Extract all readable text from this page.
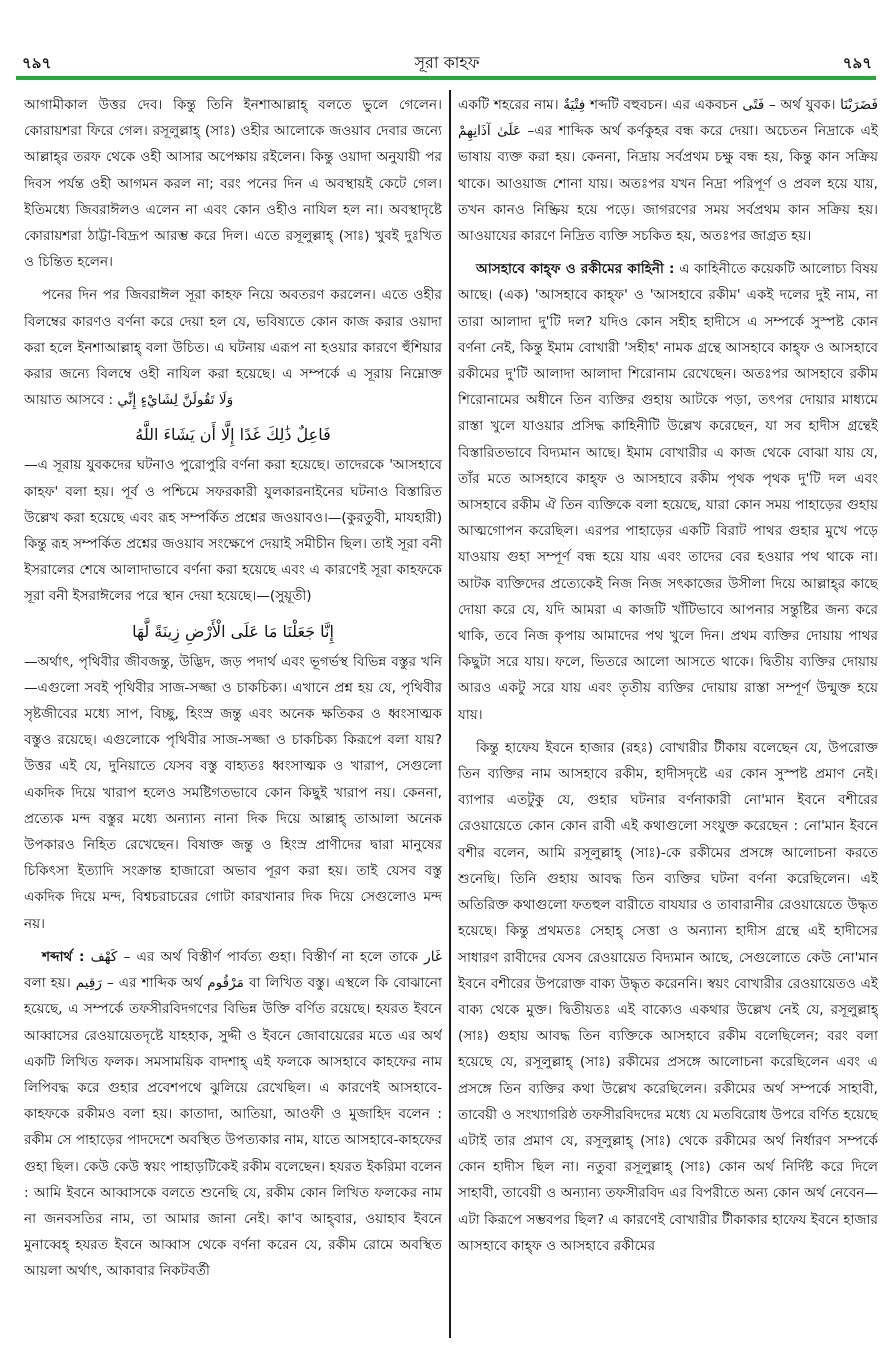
৭৯৭	সূরা কাহফ	৭৯৭

আগামীকাল উত্তর দেব। কিন্তু তিনি ইনশাআল্লাহ্ বলতে ভুলে গেলেন। কোরায়শরা ফিরে গেল। রসূলুল্লাহ্ (সাঃ) ওহীর আলোকে জওয়াব দেবার জন্যে আল্লাহ্‌র তরফ থেকে ওহী আসার অপেক্ষায় রইলেন। কিন্তু ওয়াদা অনুযায়ী পর দিবস পর্যন্ত ওহী আগমন করল না; বরং পনের দিন এ অবস্থায়ই কেটে গেল। ইতিমধ্যে জিবরাঈলও এলেন না এবং কোন ওহীও নাযিল হল না। অবস্থাদৃষ্টে কোরায়শরা ঠাট্টা-বিদ্রূপ আরম্ভ করে দিল। এতে রসূলুল্লাহ্ (সাঃ) খুবই দুঃখিত ও চিন্তিত হলেন।

পনের দিন পর জিবরাঈল সূরা কাহফ নিয়ে অবতরণ করলেন। এতে ওহীর বিলম্বের কারণও বর্ণনা করে দেয়া হল যে, ভবিষ্যতে কোন কাজ করার ওয়াদা করা হলে ইনশাআল্লাহ্ বলা উচিত। এ ঘটনায় এরূপ না হওয়ার কারণে হুঁশিয়ার করার জন্যে বিলম্বে ওহী নাযিল করা হয়েছে। এ সম্পর্কে এ সূরায় নিম্নোক্ত আয়াত আসবে : وَلَا تَقُولَنَّ لِشَايْءٍ إِنِّي

فَاعِلٌ ذَٰلِكَ غَدًا إِلَّا أَن يَشَاءَ اللَّهُ

—এ সূরায় যুবকদের ঘটনাও পুরোপুরি বর্ণনা করা হয়েছে। তাদেরকে 'আসহাবে কাহফ' বলা হয়। পূর্ব ও পশ্চিমে সফরকারী যুলকারনাইনের ঘটনাও বিস্তারিত উল্লেখ করা হয়েছে এবং রূহ সম্পর্কিত প্রশ্নের জওয়াবও।—(কুরতুবী, মাযহারী) কিন্তু রূহ সম্পর্কিত প্রশ্নের জওয়াব সংক্ষেপে দেয়াই সমীচীন ছিল। তাই সূরা বনী ইসরালের শেষে আলাদাভাবে বর্ণনা করা হয়েছে এবং এ কারণেই সূরা কাহফকে সূরা বনী ইসরাঈলের পরে স্থান দেয়া হয়েছে।—(সুয়ূতী)

إِنَّا جَعَلْنَا مَا عَلَى الْأَرْضِ زِينَةً لَّهَا

—অর্থাৎ, পৃথিবীর জীবজন্তু, উদ্ভিদ, জড় পদার্থ এবং ভূগর্ভস্থ বিভিন্ন বস্তুর খনি—এগুলো সবই পৃথিবীর সাজ-সজ্জা ও চাকচিক্য। এখানে প্রশ্ন হয় যে, পৃথিবীর সৃষ্টজীবের মধ্যে সাপ, বিচ্ছু, হিংস্র জন্তু এবং অনেক ক্ষতিকর ও ধ্বংসাত্মক বস্তুও রয়েছে। এগুলোকে পৃথিবীর সাজ-সজ্জা ও চাকচিক্য কিরূপে বলা যায়? উত্তর এই যে, দুনিয়াতে যেসব বস্তু বাহ্যতঃ ধ্বংসাত্মক ও খারাপ, সেগুলো একদিক দিয়ে খারাপ হলেও সমষ্টিগতভাবে কোন কিছুই খারাপ নয়। কেননা, প্রত্যেক মন্দ বস্তুর মধ্যে অন্যান্য নানা দিক দিয়ে আল্লাহ্ তাআলা অনেক উপকারও নিহিত রেখেছেন। বিষাক্ত জন্তু ও হিংস্র প্রাণীদের দ্বারা মানুষের চিকিৎসা ইত্যাদি সংক্রান্ত হাজারো অভাব পূরণ করা হয়। তাই যেসব বস্তু একদিক দিয়ে মন্দ, বিশ্বচরাচরের গোটা কারখানার দিক দিয়ে সেগুলোও মন্দ নয়।

শব্দার্থ : كَهْف – এর অর্থ বিস্তীর্ণ পার্বত্য গুহা। বিস্তীর্ণ না হলে তাকে غَار বলা হয়। رَقِيم – এর শাব্দিক অর্থ مَرْقُوم বা লিখিত বস্তু। এস্থলে কি বোঝানো হয়েছে, এ সম্পর্কে তফসীরবিদগণের বিভিন্ন উক্তি বর্ণিত রয়েছে। হযরত ইবনে আব্বাসের রেওয়ায়েতদৃষ্টে যাহহাক, সুদ্দী ও ইবনে জোবায়েরের মতে এর অর্থ একটি লিখিত ফলক। সমসাময়িক বাদশাহ্ এই ফলকে আসহাবে কাহফের নাম লিপিবদ্ধ করে গুহার প্রবেশপথে ঝুলিয়ে রেখেছিল। এ কারণেই আসহাবে-কাহফকে রকীমও বলা হয়। কাতাদা, আতিয়া, আওফী ও মুজাহিদ বলেন : রকীম সে পাহাড়ের পাদদেশে অবস্থিত উপত্যকার নাম, যাতে আসহাবে-কাহফের গুহা ছিল। কেউ কেউ স্বয়ং পাহাড়টিকেই রকীম বলেছেন। হযরত ইকরিমা বলেন : আমি ইবনে আব্বাসকে বলতে শুনেছি যে, রকীম কোন লিখিত ফলকের নাম না জনবসতির নাম, তা আমার জানা নেই। কা'ব আহ্‌বার, ওয়াহাব ইবনে মুনাব্বেহ্ হযরত ইবনে আব্বাস থেকে বর্ণনা করেন যে, রকীম রোমে অবস্থিত আয়লা অর্থাৎ, আকাবার নিকটবর্তী

একটি শহরের নাম। فِتْيَةٌ শব্দটি বহুবচন। এর একবচন فَتًى – অর্থ যুবক। فَضَرَبْنَا عَلَىٰ آذَانِهِمْ –এর শাব্দিক অর্থ কর্ণকুহর বন্ধ করে দেয়া। অচেতন নিদ্রাকে এই ভাষায় ব্যক্ত করা হয়। কেননা, নিদ্রায় সর্বপ্রথম চক্ষু বন্ধ হয়, কিন্তু কান সক্রিয় থাকে। আওয়াজ শোনা যায়। অতঃপর যখন নিদ্রা পরিপূর্ণ ও প্রবল হয়ে যায়, তখন কানও নিষ্ক্রিয় হয়ে পড়ে। জাগরণের সময় সর্বপ্রথম কান সক্রিয় হয়। আওয়াযের কারণে নিদ্রিত ব্যক্তি সচকিত হয়, অতঃপর জাগ্রত হয়।

আসহাবে কাহ্ফ ও রকীমের কাহিনী : এ কাহিনীতে কয়েকটি আলোচ্য বিষয় আছে। (এক) 'আসহাবে কাহ্ফ' ও 'আসহাবে রকীম' একই দলের দুই নাম, না তারা আলাদা দু'টি দল? যদিও কোন সহীহ হাদীসে এ সম্পর্কে সুস্পষ্ট কোন বর্ণনা নেই, কিন্তু ইমাম বোখারী 'সহীহ' নামক গ্রন্থে আসহাবে কাহ্ফ ও আসহাবে রকীমের দু'টি আলাদা আলাদা শিরোনাম রেখেছেন। অতঃপর আসহাবে রকীম শিরোনামের অধীনে তিন ব্যক্তির গুহায় আটকে পড়া, তৎপর দোয়ার মাধ্যমে রাস্তা খুলে যাওয়ার প্রসিদ্ধ কাহিনীটি উল্লেখ করেছেন, যা সব হাদীস গ্রন্থেই বিস্তারিতভাবে বিদ্যমান আছে। ইমাম বোখারীর এ কাজ থেকে বোঝা যায় যে, তাঁর মতে আসহাবে কাহ্ফ ও আসহাবে রকীম পৃথক পৃথক দু'টি দল এবং আসহাবে রকীম ঐ তিন ব্যক্তিকে বলা হয়েছে, যারা কোন সময় পাহাড়ের গুহায় আত্মগোপন করেছিল। এরপর পাহাড়ের একটি বিরাট পাথর গুহার মুখে পড়ে যাওয়ায় গুহা সম্পূর্ণ বন্ধ হয়ে যায় এবং তাদের বের হওয়ার পথ থাকে না। আটক ব্যক্তিদের প্রত্যেকেই নিজ নিজ সৎকাজের উসীলা দিয়ে আল্লাহ্‌র কাছে দোয়া করে যে, যদি আমরা এ কাজটি খাঁটিভাবে আপনার সন্তুষ্টির জন্য করে থাকি, তবে নিজ কৃপায় আমাদের পথ খুলে দিন। প্রথম ব্যক্তির দোয়ায় পাথর কিছুটা সরে যায়। ফলে, ভিতরে আলো আসতে থাকে। দ্বিতীয় ব্যক্তির দোয়ায় আরও একটু সরে যায় এবং তৃতীয় ব্যক্তির দোয়ায় রাস্তা সম্পূর্ণ উন্মুক্ত হয়ে যায়।

কিন্তু হাফেয ইবনে হাজার (রহঃ) বোখারীর টীকায় বলেছেন যে, উপরোক্ত তিন ব্যক্তির নাম আসহাবে রকীম, হাদীসদৃষ্টে এর কোন সুস্পষ্ট প্রমাণ নেই। ব্যাপার এতটুকু যে, গুহার ঘটনার বর্ণনাকারী নো'মান ইবনে বশীরের রেওয়ায়েতে কোন কোন রাবী এই কথাগুলো সংযুক্ত করেছেন : নো'মান ইবনে বশীর বলেন, আমি রসূলুল্লাহ্ (সাঃ)-কে রকীমের প্রসঙ্গে আলোচনা করতে শুনেছি। তিনি গুহায় আবদ্ধ তিন ব্যক্তির ঘটনা বর্ণনা করেছিলেন। এই অতিরিক্ত কথাগুলো ফতহুল বারীতে বাযযার ও তাবারানীর রেওয়ায়েতে উদ্ধৃত হয়েছে। কিন্তু প্রথমতঃ সেহাহ্ সেত্তা ও অন্যান্য হাদীস গ্রন্থে এই হাদীসের সাধারণ রাবীদের যেসব রেওয়ায়েত বিদ্যমান আছে, সেগুলোতে কেউ নো'মান ইবনে বশীরের উপরোক্ত বাক্য উদ্ধৃত করেননি। স্বয়ং বোখারীর রেওয়ায়েতও এই বাক্য থেকে মুক্ত। দ্বিতীয়তঃ এই বাক্যেও একথার উল্লেখ নেই যে, রসূলুল্লাহ্ (সাঃ) গুহায় আবদ্ধ তিন ব্যক্তিকে আসহাবে রকীম বলেছিলেন; বরং বলা হয়েছে যে, রসূলুল্লাহ্ (সাঃ) রকীমের প্রসঙ্গে আলোচনা করেছিলেন এবং এ প্রসঙ্গে তিন ব্যক্তির কথা উল্লেখ করেছিলেন। রকীমের অর্থ সম্পর্কে সাহাবী, তাবেয়ী ও সংখ্যাগরিষ্ঠ তফসীরবিদদের মধ্যে যে মতবিরোধ উপরে বর্ণিত হয়েছে এটাই তার প্রমাণ যে, রসূলুল্লাহ্ (সাঃ) থেকে রকীমের অর্থ নির্ধারণ সম্পর্কে কোন হাদীস ছিল না। নতুবা রসূলুল্লাহ্ (সাঃ) কোন অর্থ নির্দিষ্ট করে দিলে সাহাবী, তাবেয়ী ও অন্যান্য তফসীরবিদ এর বিপরীতে অন্য কোন অর্থ নেবেন—এটা কিরূপে সম্ভবপর ছিল? এ কারণেই বোখারীর টীকাকার হাফেয ইবনে হাজার আসহাবে কাহ্ফ ও আসহাবে রকীমের
